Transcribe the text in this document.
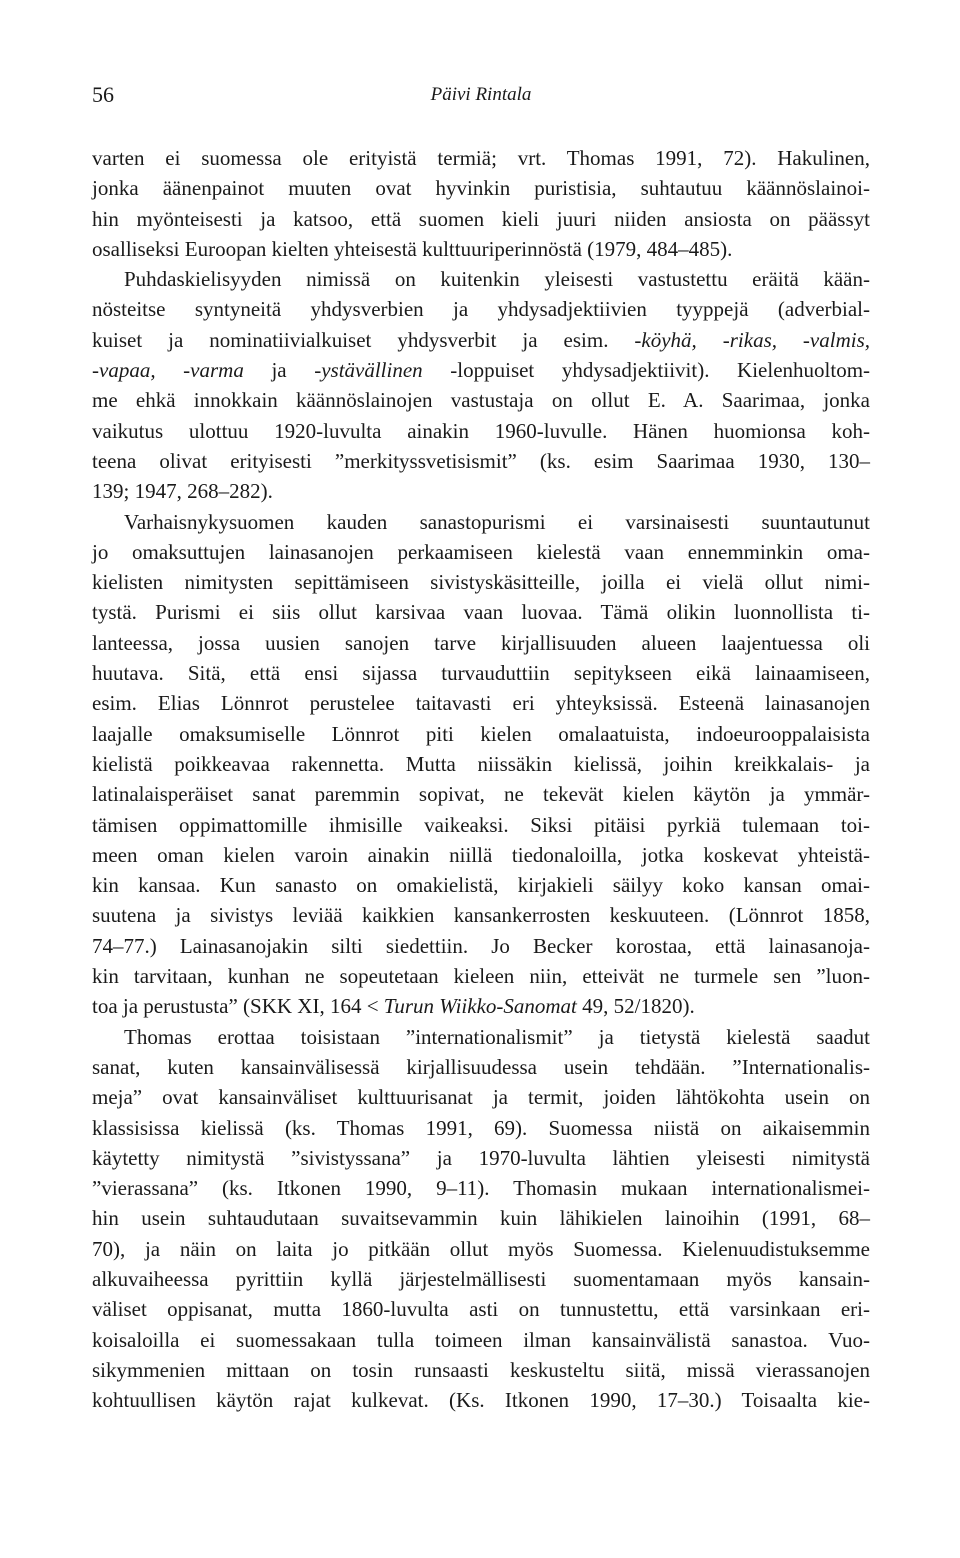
56	Päivi Rintala

varten ei suomessa ole erityistä termiä; vrt. Thomas 1991, 72). Hakulinen,
jonka äänenpainot muuten ovat hyvinkin puristisia, suhtautuu käännöslainoi-
hin myönteisesti ja katsoo, että suomen kieli juuri niiden ansiosta on päässyt
osalliseksi Euroopan kielten yhteisestä kulttuuriperinnöstä (1979, 484–485).

Puhdaskielisyyden nimissä on kuitenkin yleisesti vastustettu eräitä kään-
nösteitse syntyneitä yhdysverbien ja yhdysadjektiivien tyyppejä (adverbial-
kuiset ja nominatiivialkuiset yhdysverbit ja esim. -köyhä, -rikas, -valmis,
-vapaa, -varma ja -ystävällinen -loppuiset yhdysadjektiivit). Kielenhuoltom-
me ehkä innokkain käännöslainojen vastustaja on ollut E. A. Saarimaa, jonka
vaikutus ulottuu 1920-luvulta ainakin 1960-luvulle. Hänen huomionsa koh-
teena olivat erityisesti ”merkityssvetisismit” (ks. esim Saarimaa 1930, 130–
139; 1947, 268–282).

Varhaisnykysuomen kauden sanastopurismi ei varsinaisesti suuntautunut
jo omaksuttujen lainasanojen perkaamiseen kielestä vaan ennemminkin oma-
kielisten nimitysten sepittämiseen sivistyskäsitteille, joilla ei vielä ollut nimi-
tystä. Purismi ei siis ollut karsivaa vaan luovaa. Tämä olikin luonnollista ti-
lanteessa, jossa uusien sanojen tarve kirjallisuuden alueen laajentuessa oli
huutava. Sitä, että ensi sijassa turvauduttiin sepitykseen eikä lainaamiseen,
esim. Elias Lönnrot perustelee taitavasti eri yhteyksissä. Esteenä lainasanojen
laajalle omaksumiselle Lönnrot piti kielen omalaatuista, indoeurooppalaisista
kielistä poikkeavaa rakennetta. Mutta niissäkin kielissä, joihin kreikkalais- ja
latinalaisperäiset sanat paremmin sopivat, ne tekevät kielen käytön ja ymmär-
tämisen oppimattomille ihmisille vaikeaksi. Siksi pitäisi pyrkiä tulemaan toi-
meen oman kielen varoin ainakin niillä tiedonaloilla, jotka koskevat yhteistä-
kin kansaa. Kun sanasto on omakielistä, kirjakieli säilyy koko kansan omai-
suutena ja sivistys leviää kaikkien kansankerrosten keskuuteen. (Lönnrot 1858,
74–77.) Lainasanojakin silti siedettiin. Jo Becker korostaa, että lainasanoja-
kin tarvitaan, kunhan ne sopeutetaan kieleen niin, etteivät ne turmele sen ”luon-
toa ja perustusta” (SKK XI, 164 < Turun Wiikko-Sanomat 49, 52/1820).

Thomas erottaa toisistaan ”internationalismit” ja tietystä kielestä saadut
sanat, kuten kansainvälisessä kirjallisuudessa usein tehdään. ”Internationalis-
meja” ovat kansainväliset kulttuurisanat ja termit, joiden lähtökohta usein on
klassisissa kielissä (ks. Thomas 1991, 69). Suomessa niistä on aikaisemmin
käytetty nimitystä ”sivistyssana” ja 1970-luvulta lähtien yleisesti nimitystä
”vierassana” (ks. Itkonen 1990, 9–11). Thomasin mukaan internationalismei-
hin usein suhtaudutaan suvaitsevammin kuin lähikielen lainoihin (1991, 68–
70), ja näin on laita jo pitkään ollut myös Suomessa. Kielenuudistuksemme
alkuvaiheessa pyrittiin kyllä järjestelmällisesti suomentamaan myös kansain-
väliset oppisanat, mutta 1860-luvulta asti on tunnustettu, että varsinkaan eri-
koisaloilla ei suomessakaan tulla toimeen ilman kansainvälistä sanastoa. Vuo-
sikymmenien mittaan on tosin runsaasti keskusteltu siitä, missä vierassanojen
kohtuullisen käytön rajat kulkevat. (Ks. Itkonen 1990, 17–30.) Toisaalta kie-
